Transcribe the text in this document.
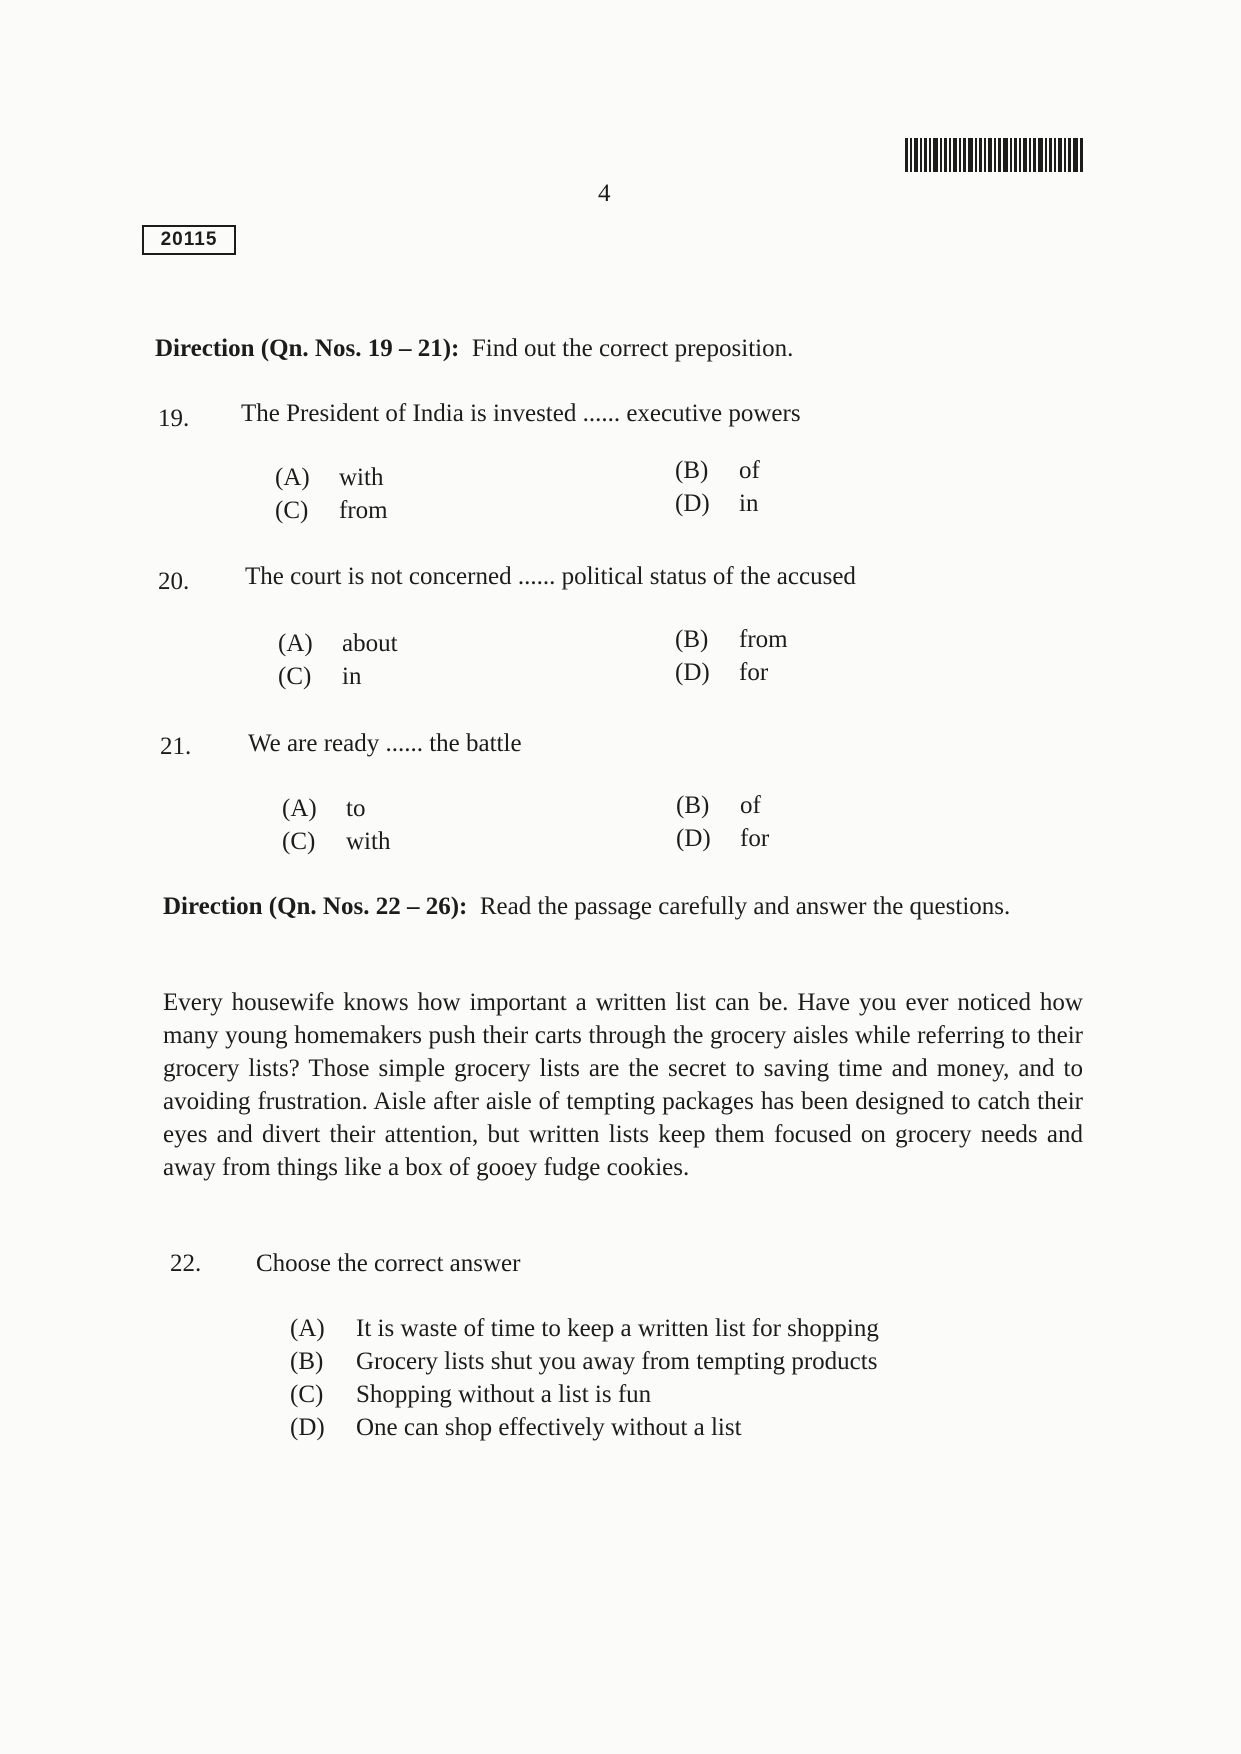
4
20115
Direction (Qn. Nos. 19 – 21): Find out the correct preposition.
19. The President of India is invested ...... executive powers
(A) with	(B) of
(C) from	(D) in
20. The court is not concerned ...... political status of the accused
(A) about	(B) from
(C) in	(D) for
21. We are ready ...... the battle
(A) to	(B) of
(C) with	(D) for
Direction (Qn. Nos. 22 – 26): Read the passage carefully and answer the questions.
Every housewife knows how important a written list can be. Have you ever noticed how many young homemakers push their carts through the grocery aisles while referring to their grocery lists? Those simple grocery lists are the secret to saving time and money, and to avoiding frustration. Aisle after aisle of tempting packages has been designed to catch their eyes and divert their attention, but written lists keep them focused on grocery needs and away from things like a box of gooey fudge cookies.
22. Choose the correct answer
(A) It is waste of time to keep a written list for shopping
(B) Grocery lists shut you away from tempting products
(C) Shopping without a list is fun
(D) One can shop effectively without a list
